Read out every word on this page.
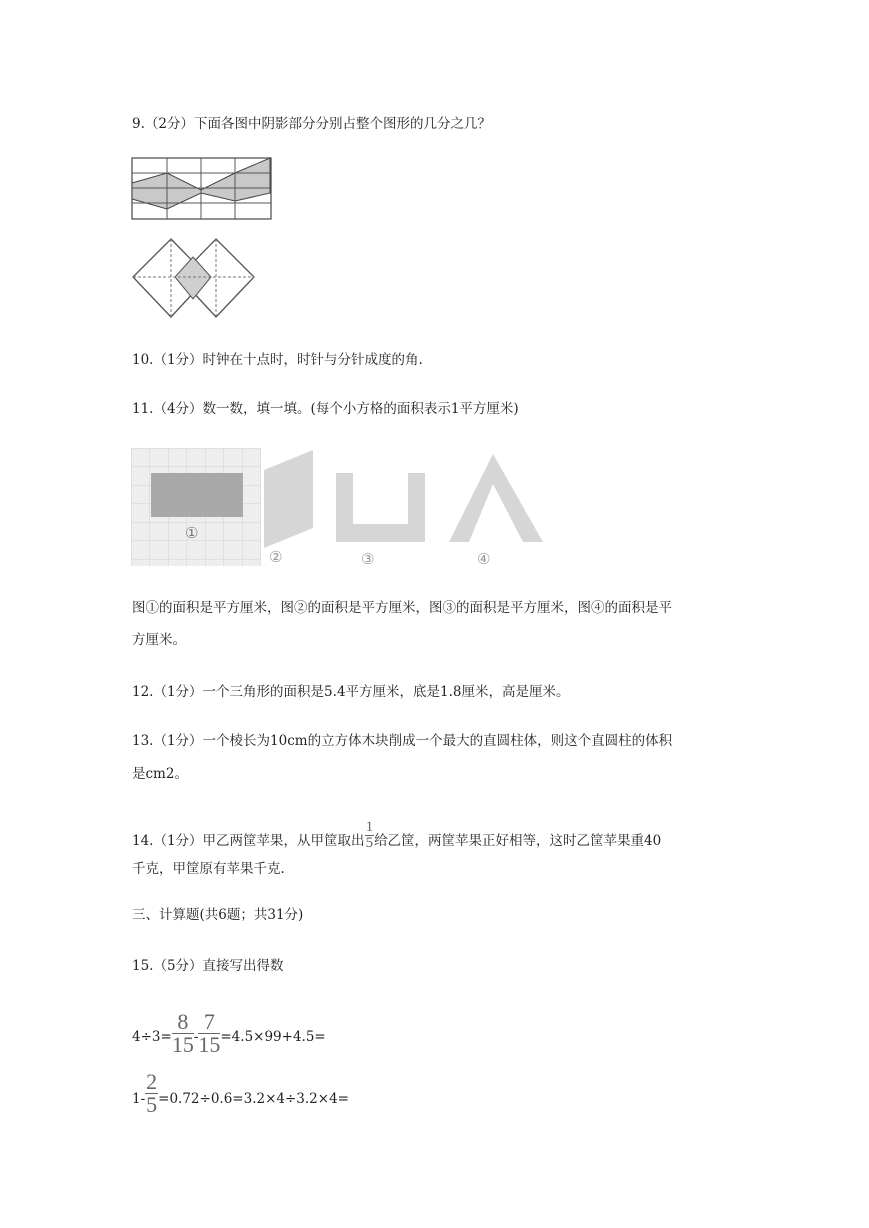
9.（2分）下面各图中阴影部分分别占整个图形的几分之几？
10.（1分）时钟在十点时，时针与分针成度的角.
11.（4分）数一数，填一填。(每个小方格的面积表示1平方厘米)
①
②	③	④
图①的面积是平方厘米，图②的面积是平方厘米，图③的面积是平方厘米，图④的面积是平
方厘米。
12.（1分）一个三角形的面积是5.4平方厘米，底是1.8厘米，高是厘米。
13.（1分）一个棱长为10cm的立方体木块削成一个最大的直圆柱体，则这个直圆柱的体积
是cm2。
14.（1分）甲乙两筐苹果，从甲筐取出 $\frac{1}{5}$ 给乙筐，两筐苹果正好相等，这时乙筐苹果重40
千克，甲筐原有苹果千克.
三、计算题(共6题；共31分)
15.（5分）直接写出得数
$4\div 3= \frac{8}{15} - \frac{7}{15} =4.5\times 99+4.5=$
$1- \frac{2}{5} =0.72\div 0.6=3.2\times 4\div 3.2\times 4=$
